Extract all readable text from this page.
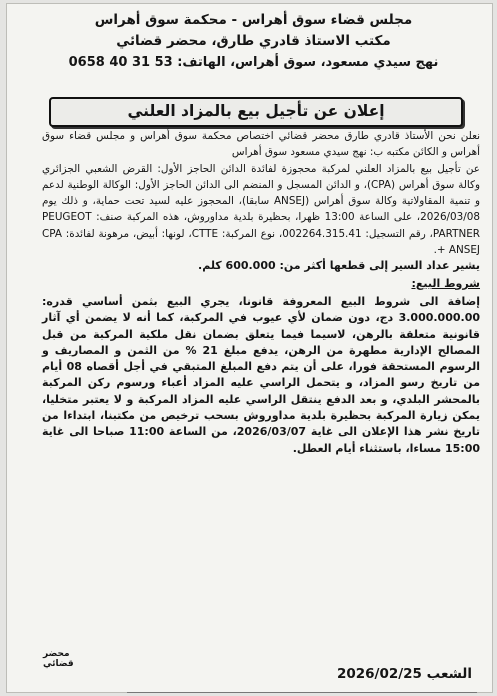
مجلس قضاء سوق أهراس - محكمة سوق أهراس
مكتب الاستاذ قادري طارق، محضر قضائي
نهج سيدي مسعود، سوق أهراس، الهاتف: 53 31 40 0658
إعلان عن تأجيل بيع بالمزاد العلني

نعلن نحن الأستاذ قادري طارق محضر قضائي اختصاص محكمة سوق أهراس و مجلس قضاء سوق أهراس و الكائن مكتبه ب: نهج سيدي مسعود سوق أهراس

عن تأجيل بيع بالمزاد العلني لمركبة محجوزة لفائدة الدائن الحاجز الأول: القرض الشعبي الجزائري وكالة سوق أهراس (CPA)، و الدائن المسجل و المنضم الى الدائن الحاجز الأول: الوكالة الوطنية لدعم و تنمية المقاولاتية وكالة سوق أهراس (ANSEJ سابقا)، المحجوز عليه لسيد تحت حماية، و ذلك يوم 2026/03/08، على الساعة 13:00 ظهرا، بحظيرة بلدية مداوروش، هذه المركبة صنف: PEUGEOT PARTNER، رقم التسجيل: 002264.315.41، نوع المركبة: CTTE، لونها: أبيض، مرهونة لفائدة: CPA + ANSEJ.

يشير عداد السير إلى قطعها أكثر من: 600.000 كلم.

شروط البيع:

إضافة الى شروط البيع المعروفة قانونا، يجري البيع بثمن أساسي قدره: 3.000.000.00 دج، دون ضمان لأي عيوب في المركبة، كما أنه لا يضمن أي آثار قانونية متعلقة بالرهن، لاسيما فيما يتعلق بضمان نقل ملكية المركبة من قبل المصالح الإدارية مطهرة من الرهن، يدفع مبلغ 21 % من الثمن و المصاريف و الرسوم المستحقة فورا، على أن يتم دفع المبلغ المتبقي في أجل أقصاه 08 أيام من تاريخ رسو المزاد، و يتحمل الراسي عليه المزاد أعباء ورسوم ركن المركبة بالمحشر البلدي، و بعد الدفع ينتقل الراسي عليه المزاد المركبة و لا يعتبر متخليا، يمكن زيارة المركبة بحظيرة بلدية مداوروش بسحب ترخيص من مكتبنا، ابتداءا من تاريخ نشر هذا الإعلان الى غاية 2026/03/07، من الساعة 11:00 صباحا الى غاية 15:00 مساءا، باستثناء أيام العطل.

محضر قضائي
الشعب 2026/02/25
